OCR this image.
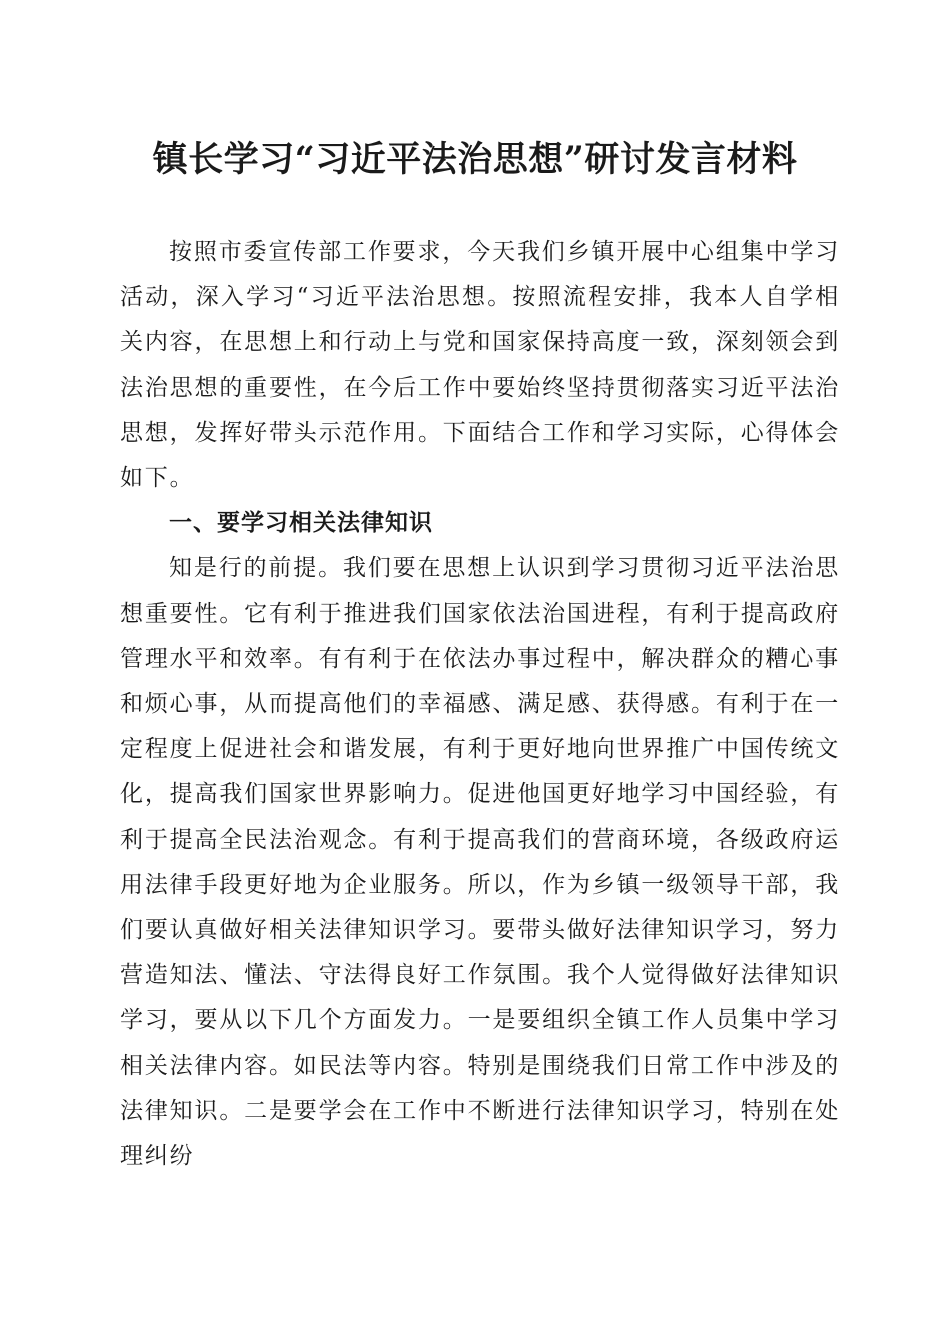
镇长学习“习近平法治思想”研讨发言材料

按照市委宣传部工作要求，今天我们乡镇开展中心组集中学习活动，深入学习“习近平法治思想。按照流程安排，我本人自学相关内容，在思想上和行动上与党和国家保持高度一致，深刻领会到法治思想的重要性，在今后工作中要始终坚持贯彻落实习近平法治思想，发挥好带头示范作用。下面结合工作和学习实际，心得体会如下。

一、要学习相关法律知识

知是行的前提。我们要在思想上认识到学习贯彻习近平法治思想重要性。它有利于推进我们国家依法治国进程，有利于提高政府管理水平和效率。有有利于在依法办事过程中，解决群众的糟心事和烦心事，从而提高他们的幸福感、满足感、获得感。有利于在一定程度上促进社会和谐发展，有利于更好地向世界推广中国传统文化，提高我们国家世界影响力。促进他国更好地学习中国经验，有利于提高全民法治观念。有利于提高我们的营商环境，各级政府运用法律手段更好地为企业服务。所以，作为乡镇一级领导干部，我们要认真做好相关法律知识学习。要带头做好法律知识学习，努力营造知法、懂法、守法得良好工作氛围。我个人觉得做好法律知识学习，要从以下几个方面发力。一是要组织全镇工作人员集中学习相关法律内容。如民法等内容。特别是围绕我们日常工作中涉及的法律知识。二是要学会在工作中不断进行法律知识学习，特别在处理纠纷
